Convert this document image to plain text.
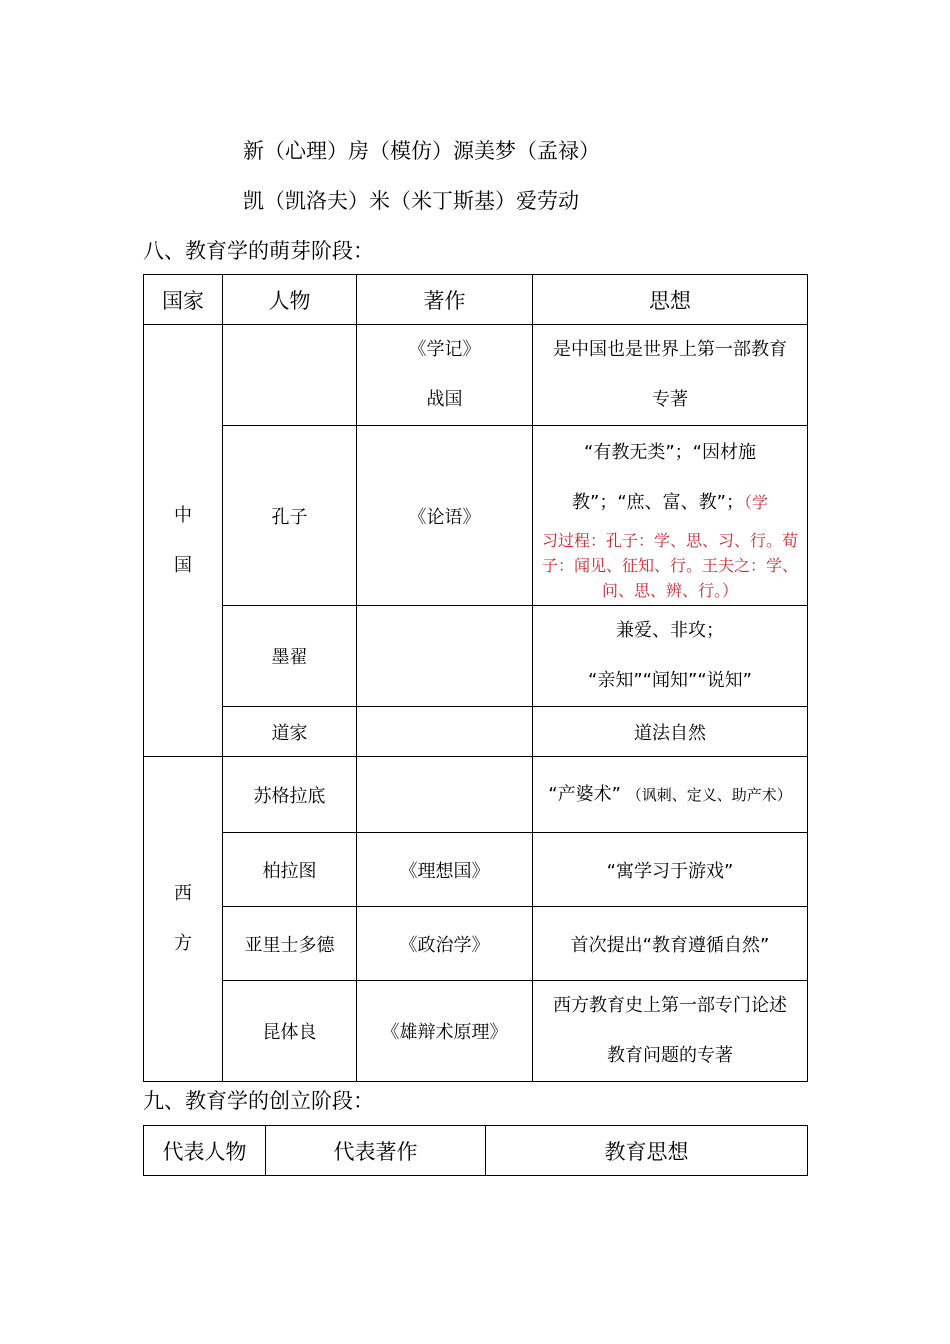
新（心理）房（模仿）源美梦（孟禄）
凯（凯洛夫）米（米丁斯基）爱劳动
八、教育学的萌芽阶段：
国家	人物	著作	思想
中
国		《学记》
战国	是中国也是世界上第一部教育
专著

	孔子	《论语》	“有教无类”；“因材施
教”；“庶、富、教”；（学
习过程：孔子：学、思、习、行。荀子：闻见、征知、行。王夫之：学、问、思、辨、行。）

	墨翟		兼爱、非攻；
“亲知”“闻知”“说知”

	道家		道法自然
西
方	苏格拉底		“产婆术” （讽刺、定义、助产术）
	柏拉图	《理想国》	“寓学习于游戏”
	亚里士多德	《政治学》	首次提出“教育遵循自然”
	昆体良	《雄辩术原理》	西方教育史上第一部专门论述
教育问题的专著
九、教育学的创立阶段：
代表人物	代表著作	教育思想
